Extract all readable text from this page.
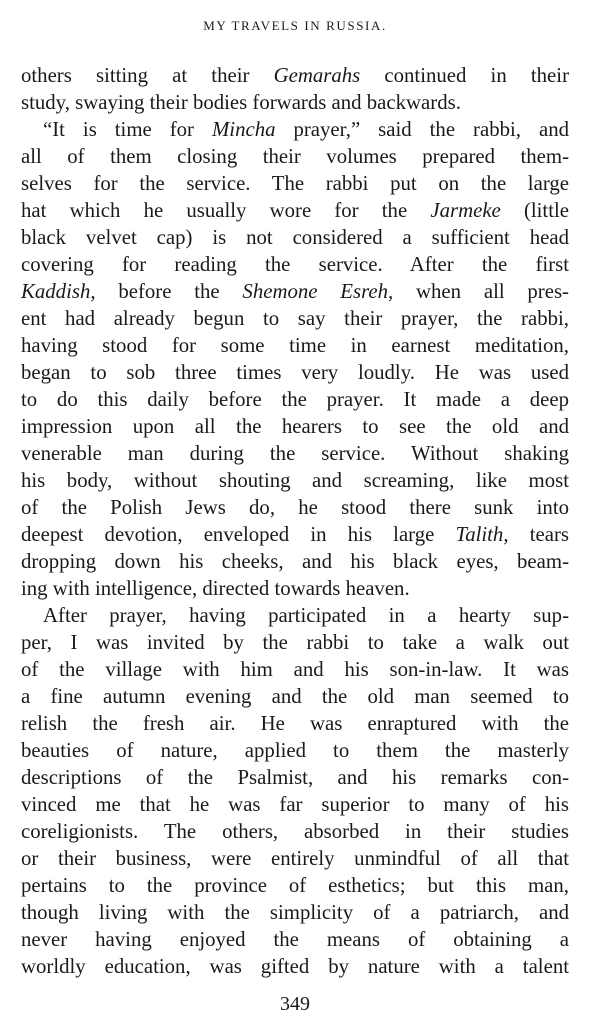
MY TRAVELS IN RUSSIA.
others sitting at their Gemarahs continued in their
study, swaying their bodies forwards and backwards.
“It is time for Mincha prayer,” said the rabbi, and
all of them closing their volumes prepared them-
selves for the service. The rabbi put on the large
hat which he usually wore for the Jarmeke (little
black velvet cap) is not considered a sufficient head
covering for reading the service. After the first
Kaddish, before the Shemone Esreh, when all pres-
ent had already begun to say their prayer, the rabbi,
having stood for some time in earnest meditation,
began to sob three times very loudly. He was used
to do this daily before the prayer. It made a deep
impression upon all the hearers to see the old and
venerable man during the service. Without shaking
his body, without shouting and screaming, like most
of the Polish Jews do, he stood there sunk into
deepest devotion, enveloped in his large Talith, tears
dropping down his cheeks, and his black eyes, beam-
ing with intelligence, directed towards heaven.
After prayer, having participated in a hearty sup-
per, I was invited by the rabbi to take a walk out
of the village with him and his son-in-law. It was
a fine autumn evening and the old man seemed to
relish the fresh air. He was enraptured with the
beauties of nature, applied to them the masterly
descriptions of the Psalmist, and his remarks con-
vinced me that he was far superior to many of his
coreligionists. The others, absorbed in their studies
or their business, were entirely unmindful of all that
pertains to the province of esthetics; but this man,
though living with the simplicity of a patriarch, and
never having enjoyed the means of obtaining a
worldly education, was gifted by nature with a talent
349
